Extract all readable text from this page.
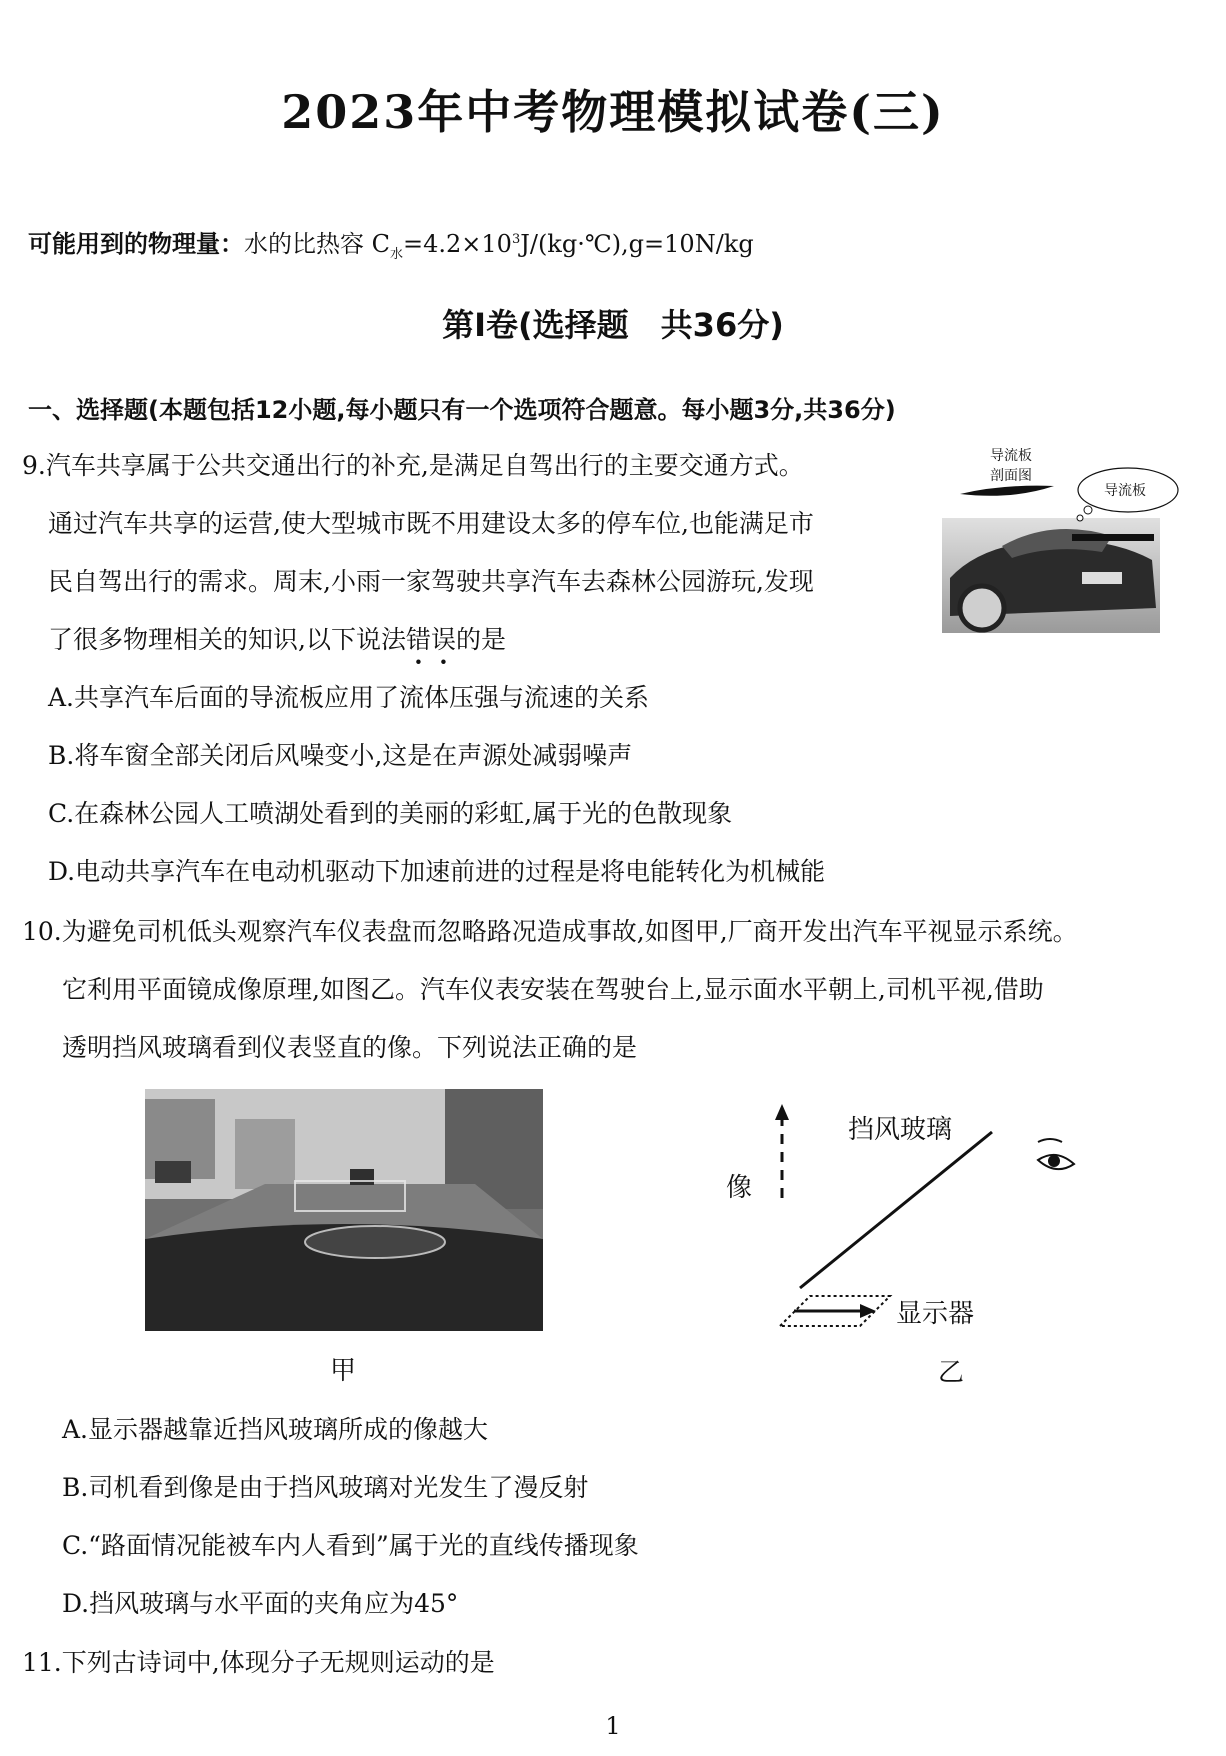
2023年中考物理模拟试卷(三)
可能用到的物理量：水的比热容 $C_水=4.2\times 10^3J/(kg\cdot℃),g=10N/kg$
第Ⅰ卷(选择题　共36分)
一、选择题(本题包括12小题,每小题只有一个选项符合题意。每小题3分,共36分)
9.汽车共享属于公共交通出行的补充,是满足自驾出行的主要交通方式。
通过汽车共享的运营,使大型城市既不用建设太多的停车位,也能满足市
民自驾出行的需求。周末,小雨一家驾驶共享汽车去森林公园游玩,发现
了很多物理相关的知识,以下说法错误的是
A.共享汽车后面的导流板应用了流体压强与流速的关系
B.将车窗全部关闭后风噪变小,这是在声源处减弱噪声
C.在森林公园人工喷湖处看到的美丽的彩虹,属于光的色散现象
D.电动共享汽车在电动机驱动下加速前进的过程是将电能转化为机械能
导流板
剖面图
导流板
10.为避免司机低头观察汽车仪表盘而忽略路况造成事故,如图甲,厂商开发出汽车平视显示系统。
它利用平面镜成像原理,如图乙。汽车仪表安装在驾驶台上,显示面水平朝上,司机平视,借助
透明挡风玻璃看到仪表竖直的像。下列说法正确的是
甲
像
挡风玻璃
显示器
乙
A.显示器越靠近挡风玻璃所成的像越大
B.司机看到像是由于挡风玻璃对光发生了漫反射
C.“路面情况能被车内人看到”属于光的直线传播现象
D.挡风玻璃与水平面的夹角应为45°
11.下列古诗词中,体现分子无规则运动的是
1
